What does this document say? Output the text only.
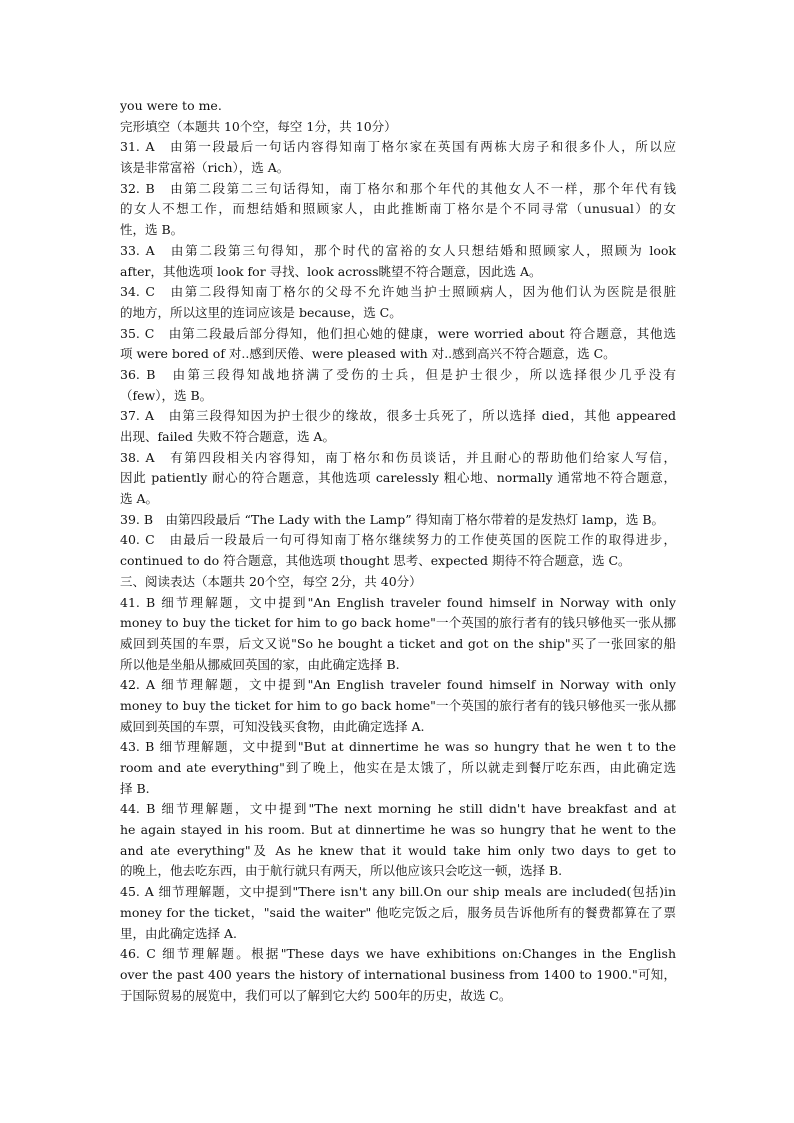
you were to me.
完形填空（本题共 10个空，每空 1分，共 10分）
31. A　由第一段最后一句话内容得知南丁格尔家在英国有两栋大房子和很多仆人，所以应
该是非常富裕（rich），选 A。
32. B　由第二段第二三句话得知，南丁格尔和那个年代的其他女人不一样，那个年代有钱
的女人不想工作，而想结婚和照顾家人，由此推断南丁格尔是个不同寻常（unusual）的女
性，选 B。
33. A　由第二段第三句得知，那个时代的富裕的女人只想结婚和照顾家人，照顾为 look
after，其他选项 look for 寻找、look across眺望不符合题意，因此选 A。
34. C　由第二段得知南丁格尔的父母不允许她当护士照顾病人，因为他们认为医院是很脏
的地方，所以这里的连词应该是 because，选 C。
35. C　由第二段最后部分得知，他们担心她的健康，were worried about 符合题意，其他选
项 were bored of 对..感到厌倦、were pleased with 对..感到高兴不符合题意，选 C。
36. B　由第三段得知战地挤满了受伤的士兵，但是护士很少，所以选择很少几乎没有
（few），选 B。
37. A　由第三段得知因为护士很少的缘故，很多士兵死了，所以选择 died，其他 appeared
出现、failed 失败不符合题意，选 A。
38. A　有第四段相关内容得知，南丁格尔和伤员谈话，并且耐心的帮助他们给家人写信，
因此 patiently 耐心的符合题意，其他选项 carelessly 粗心地、normally 通常地不符合题意，
选 A。
39. B　由第四段最后 “The Lady with the Lamp” 得知南丁格尔带着的是发热灯 lamp，选 B。
40. C　由最后一段最后一句可得知南丁格尔继续努力的工作使英国的医院工作的取得进步，
continued to do 符合题意，其他选项 thought 思考、expected 期待不符合题意，选 C。
三、阅读表达（本题共 20个空，每空 2分，共 40分）
41. B 细节理解题，文中提到"An English traveler found himself in Norway with only
money to buy the ticket for him to go back home"一个英国的旅行者有的钱只够他买一张从挪
威回到英国的车票，后文又说"So he bought a ticket and got on the ship"买了一张回家的船
所以他是坐船从挪威回英国的家，由此确定选择 B.
42. A 细节理解题，文中提到"An English traveler found himself in Norway with only
money to buy the ticket for him to go back home"一个英国的旅行者有的钱只够他买一张从挪
威回到英国的车票，可知没钱买食物，由此确定选择 A.
43. B 细节理解题，文中提到"But at dinnertime he was so hungry that he wen t to the
room and ate everything"到了晚上，他实在是太饿了，所以就走到餐厅吃东西，由此确定选
择 B.
44. B 细节理解题，文中提到"The next morning he still didn't have breakfast and at
he again stayed in his room. But at dinnertime he was so hungry that he went to the
and ate everything"及 As he knew that it would take him only two days to get to
的晚上，他去吃东西，由于航行就只有两天，所以他应该只会吃这一顿，选择 B.
45. A 细节理解题，文中提到"There isn't any bill.On our ship meals are included(包括)in
money for the ticket，"said the waiter" 他吃完饭之后，服务员告诉他所有的餐费都算在了票
里，由此确定选择 A.
46. C 细节理解题。根据"These days we have exhibitions on:Changes in the English
over the past 400 years the history of international business from 1400 to 1900."可知，
于国际贸易的展览中，我们可以了解到它大约 500年的历史，故选 C。
